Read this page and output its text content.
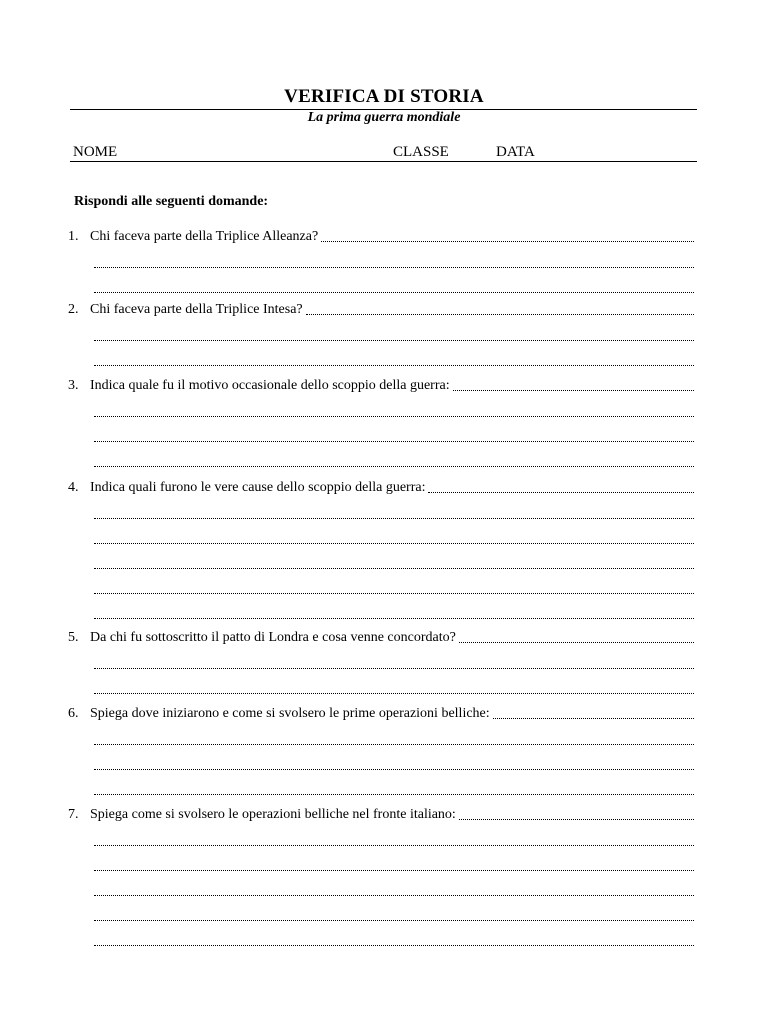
VERIFICA DI STORIA
La prima guerra mondiale
NOME	CLASSE	DATA
Rispondi alle seguenti domande:
1. Chi faceva parte della Triplice Alleanza?
2. Chi faceva parte della Triplice Intesa?
3. Indica quale fu il motivo occasionale dello scoppio della guerra:
4. Indica quali furono le vere cause dello scoppio della guerra:
5. Da chi fu sottoscritto il patto di Londra e cosa venne concordato?
6. Spiega dove iniziarono e come si svolsero le prime operazioni belliche:
7. Spiega come si svolsero le operazioni belliche nel fronte italiano:
